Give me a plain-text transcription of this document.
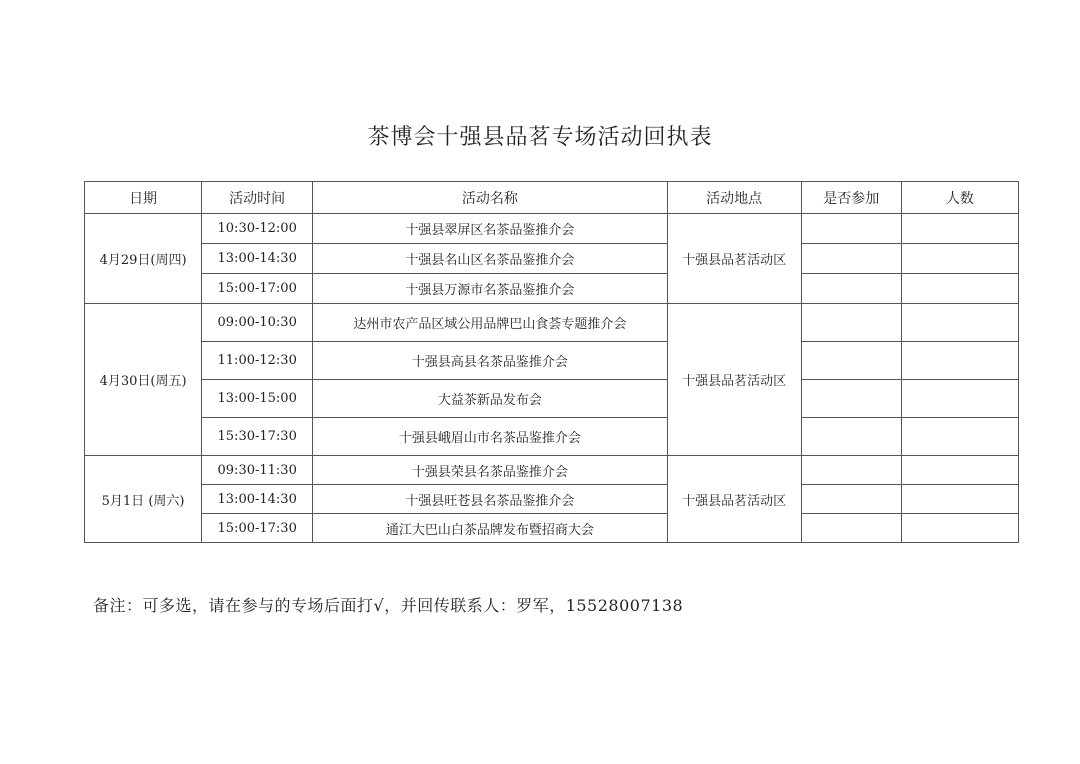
茶博会十强县品茗专场活动回执表
日期	活动时间	活动名称	活动地点	是否参加	人数
4月29日(周四)	10:30-12:00	十强县翠屏区名茶品鉴推介会	十强县品茗活动区		
	13:00-14:30	十强县名山区名茶品鉴推介会			
	15:00-17:00	十强县万源市名茶品鉴推介会			
4月30日(周五)	09:00-10:30	达州市农产品区域公用品牌巴山食荟专题推介会	十强县品茗活动区		
	11:00-12:30	十强县高县名茶品鉴推介会			
	13:00-15:00	大益茶新品发布会			
	15:30-17:30	十强县峨眉山市名茶品鉴推介会			
5月1日 (周六)	09:30-11:30	十强县荣县名茶品鉴推介会	十强县品茗活动区		
	13:00-14:30	十强县旺苍县名茶品鉴推介会			
	15:00-17:30	通江大巴山白茶品牌发布暨招商大会			
备注：可多选，请在参与的专场后面打√，并回传联系人：罗军，15528007138
